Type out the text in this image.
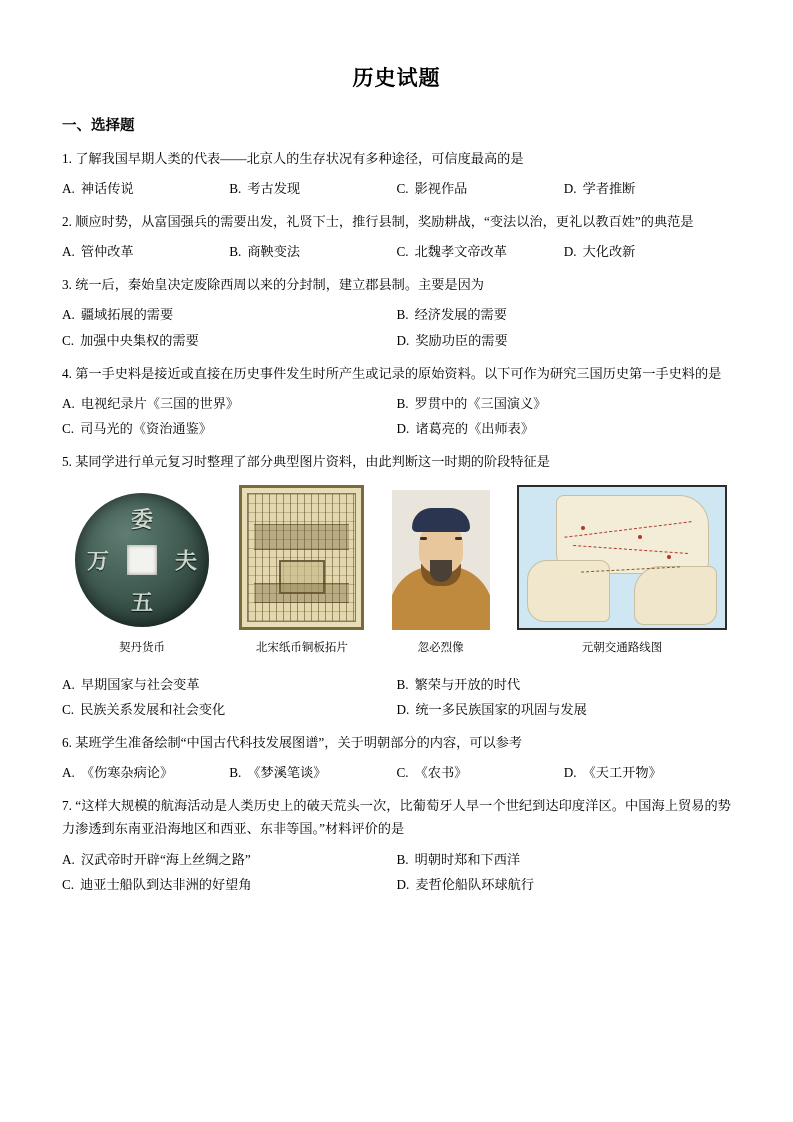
历史试题
一、选择题
1. 了解我国早期人类的代表——北京人的生存状况有多种途径，可信度最高的是
A. 神话传说	B. 考古发现	C. 影视作品	D. 学者推断
2. 顺应时势，从富国强兵的需要出发，礼贤下士，推行县制，奖励耕战，“变法以治，更礼以教百姓”的典范是
A. 管仲改革	B. 商鞅变法	C. 北魏孝文帝改革	D. 大化改新
3. 统一后，秦始皇决定废除西周以来的分封制，建立郡县制。主要是因为
A. 疆域拓展的需要	B. 经济发展的需要
C. 加强中央集权的需要	D. 奖励功臣的需要
4. 第一手史料是接近或直接在历史事件发生时所产生或记录的原始资料。以下可作为研究三国历史第一手史料的是
A. 电视纪录片《三国的世界》	B. 罗贯中的《三国演义》
C. 司马光的《资治通鉴》	D. 诸葛亮的《出师表》
5. 某同学进行单元复习时整理了部分典型图片资料，由此判断这一时期的阶段特征是
委
夫
五
万
契丹货币	北宋纸币铜板拓片	忽必烈像	元朝交通路线图
A. 早期国家与社会变革	B. 繁荣与开放的时代
C. 民族关系发展和社会变化	D. 统一多民族国家的巩固与发展
6. 某班学生准备绘制“中国古代科技发展图谱”，关于明朝部分的内容，可以参考
A. 《伤寒杂病论》	B. 《梦溪笔谈》	C. 《农书》	D. 《天工开物》
7. “这样大规模的航海活动是人类历史上的破天荒头一次，比葡萄牙人早一个世纪到达印度洋区。中国海上贸易的势力渗透到东南亚沿海地区和西亚、东非等国。”材料评价的是
A. 汉武帝时开辟“海上丝绸之路”	B. 明朝时郑和下西洋
C. 迪亚士船队到达非洲的好望角	D. 麦哲伦船队环球航行
